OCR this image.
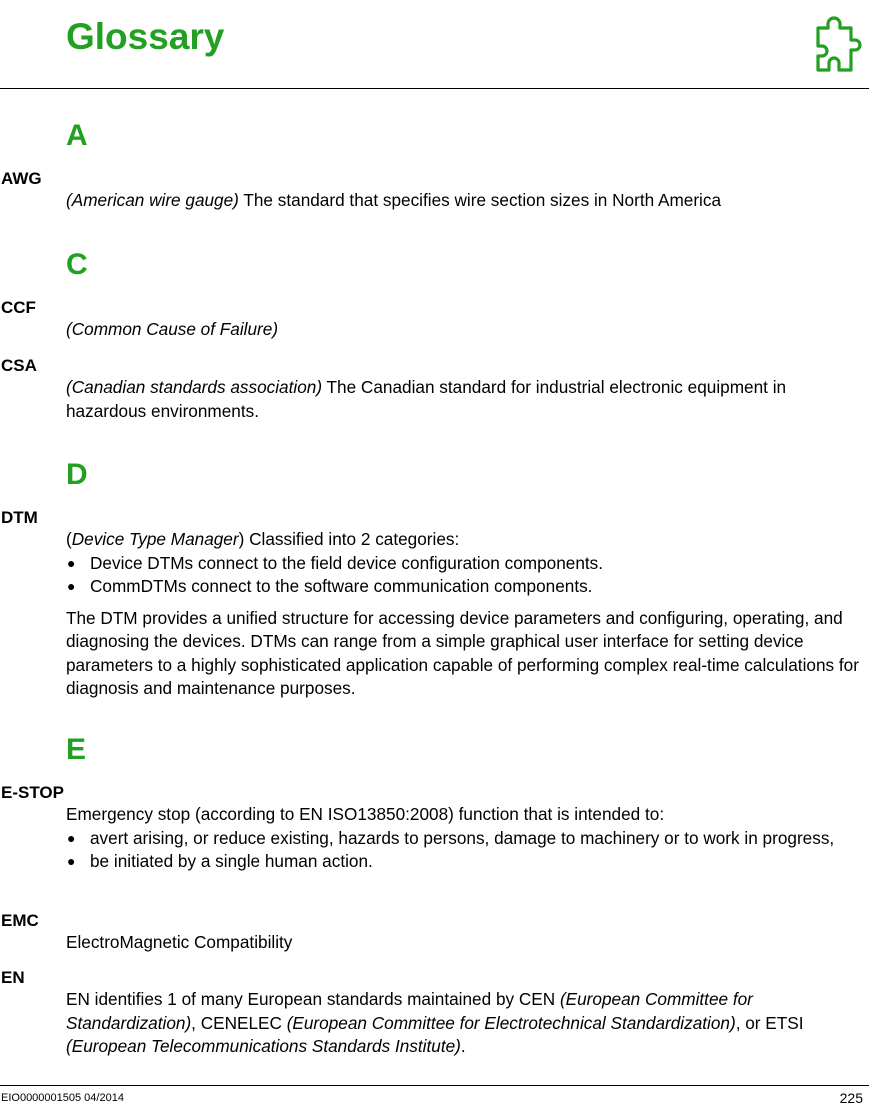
Glossary
A
AWG

(American wire gauge) The standard that specifies wire section sizes in North America

C
CCF

(Common Cause of Failure)

CSA

(Canadian standards association) The Canadian standard for industrial electronic equipment in hazardous environments.

D
DTM

(Device Type Manager) Classified into 2 categories:

● Device DTMs connect to the field device configuration components.
● CommDTMs connect to the software communication components.

The DTM provides a unified structure for accessing device parameters and configuring, operating, and diagnosing the devices. DTMs can range from a simple graphical user interface for setting device parameters to a highly sophisticated application capable of performing complex real-time calculations for diagnosis and maintenance purposes.

E
E-STOP

Emergency stop (according to EN ISO13850:2008) function that is intended to:

● avert arising, or reduce existing, hazards to persons, damage to machinery or to work in progress,
● be initiated by a single human action.
EMC

ElectroMagnetic Compatibility

EN

EN identifies 1 of many European standards maintained by CEN (European Committee for Standardization), CENELEC (European Committee for Electrotechnical Standardization), or ETSI (European Telecommunications Standards Institute).

EIO0000001505 04/2014	225
